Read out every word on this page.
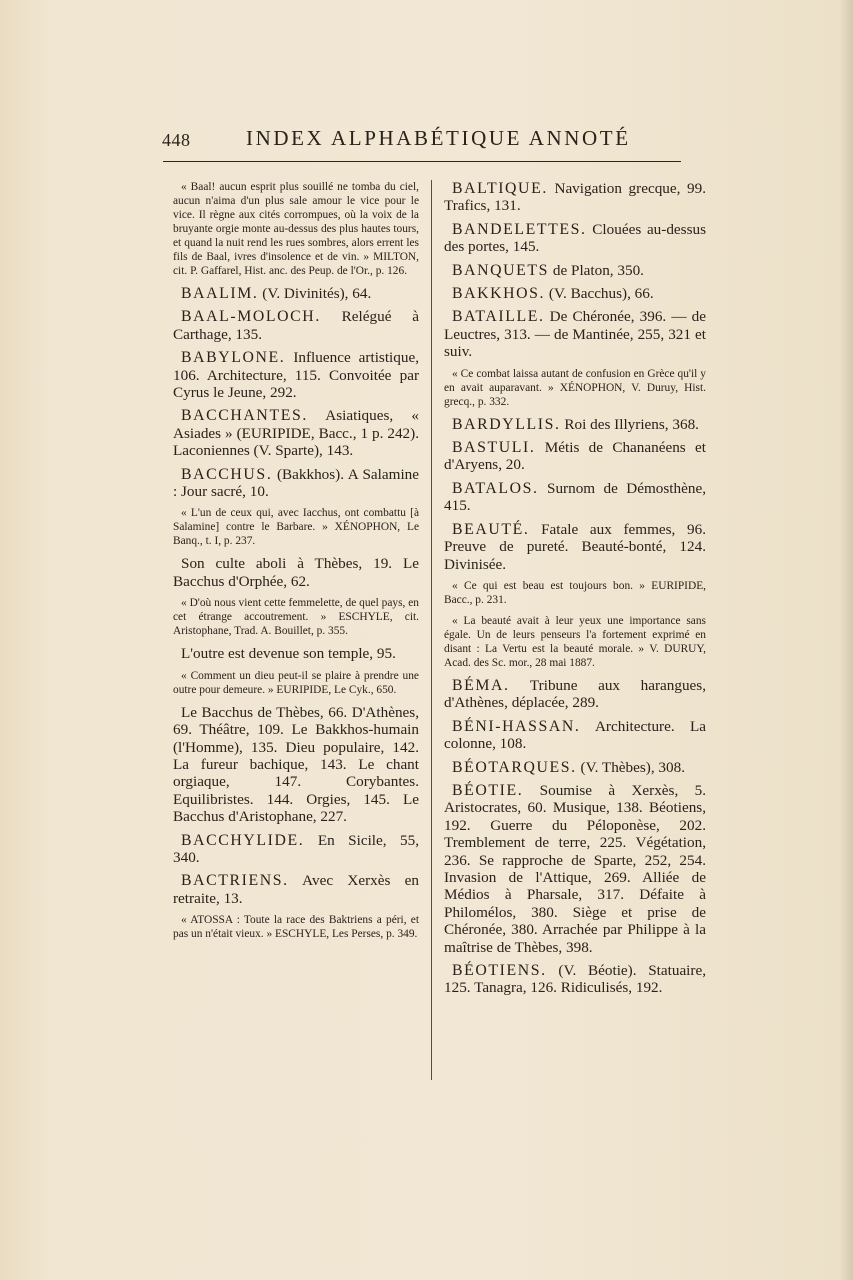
448	INDEX ALPHABÉTIQUE ANNOTÉ

« Baal! aucun esprit plus souillé ne tomba du ciel, aucun n'aima d'un plus sale amour le vice pour le vice. Il règne aux cités corrompues, où la voix de la bruyante orgie monte au-dessus des plus hautes tours, et quand la nuit rend les rues sombres, alors errent les fils de Baal, ivres d'insolence et de vin. » MILTON, cit. P. Gaffarel, Hist. anc. des Peup. de l'Or., p. 126.

BAALIM. (V. Divinités), 64.

BAAL-MOLOCH. Relégué à Carthage, 135.

BABYLONE. Influence artistique, 106. Architecture, 115. Convoitée par Cyrus le Jeune, 292.

BACCHANTES. Asiatiques, « Asiades » (EURIPIDE, Bacc., 1 p. 242). Laconiennes (V. Sparte), 143.

BACCHUS. (Bakkhos). A Salamine : Jour sacré, 10.

« L'un de ceux qui, avec Iacchus, ont combattu [à Salamine] contre le Barbare. » XÉNOPHON, Le Banq., t. I, p. 237.

Son culte aboli à Thèbes, 19. Le Bacchus d'Orphée, 62.

« D'où nous vient cette femmelette, de quel pays, en cet étrange accoutrement. » ESCHYLE, cit. Aristophane, Trad. A. Bouillet, p. 355.

L'outre est devenue son temple, 95.

« Comment un dieu peut-il se plaire à prendre une outre pour demeure. » EURIPIDE, Le Cyk., 650.

Le Bacchus de Thèbes, 66. D'Athènes, 69. Théâtre, 109. Le Bakkhos-humain (l'Homme), 135. Dieu populaire, 142. La fureur bachique, 143. Le chant orgiaque, 147. Corybantes. Equilibristes. 144. Orgies, 145. Le Bacchus d'Aristophane, 227.

BACCHYLIDE. En Sicile, 55, 340.

BACTRIENS. Avec Xerxès en retraite, 13.

« ATOSSA : Toute la race des Baktriens a péri, et pas un n'était vieux. » ESCHYLE, Les Perses, p. 349.

BALTIQUE. Navigation grecque, 99. Trafics, 131.

BANDELETTES. Clouées au-dessus des portes, 145.

BANQUETS de Platon, 350.

BAKKHOS. (V. Bacchus), 66.

BATAILLE. De Chéronée, 396. — de Leuctres, 313. — de Mantinée, 255, 321 et suiv.

« Ce combat laissa autant de confusion en Grèce qu'il y en avait auparavant. » XÉNOPHON, V. Duruy, Hist. grecq., p. 332.

BARDYLLIS. Roi des Illyriens, 368.

BASTULI. Métis de Chananéens et d'Aryens, 20.

BATALOS. Surnom de Démosthène, 415.

BEAUTÉ. Fatale aux femmes, 96. Preuve de pureté. Beauté-bonté, 124. Divinisée.

« Ce qui est beau est toujours bon. » EURIPIDE, Bacc., p. 231.

« La beauté avait à leur yeux une importance sans égale. Un de leurs penseurs l'a fortement exprimé en disant : La Vertu est la beauté morale. » V. DURUY, Acad. des Sc. mor., 28 mai 1887.

BÉMA. Tribune aux harangues, d'Athènes, déplacée, 289.

BÉNI-HASSAN. Architecture. La colonne, 108.

BÉOTARQUES. (V. Thèbes), 308.

BÉOTIE. Soumise à Xerxès, 5. Aristocrates, 60. Musique, 138. Béotiens, 192. Guerre du Péloponèse, 202. Tremblement de terre, 225. Végétation, 236. Se rapproche de Sparte, 252, 254. Invasion de l'Attique, 269. Alliée de Médios à Pharsale, 317. Défaite à Philomélos, 380. Siège et prise de Chéronée, 380. Arrachée par Philippe à la maîtrise de Thèbes, 398.

BÉOTIENS. (V. Béotie). Statuaire, 125. Tanagra, 126. Ridiculisés, 192.
